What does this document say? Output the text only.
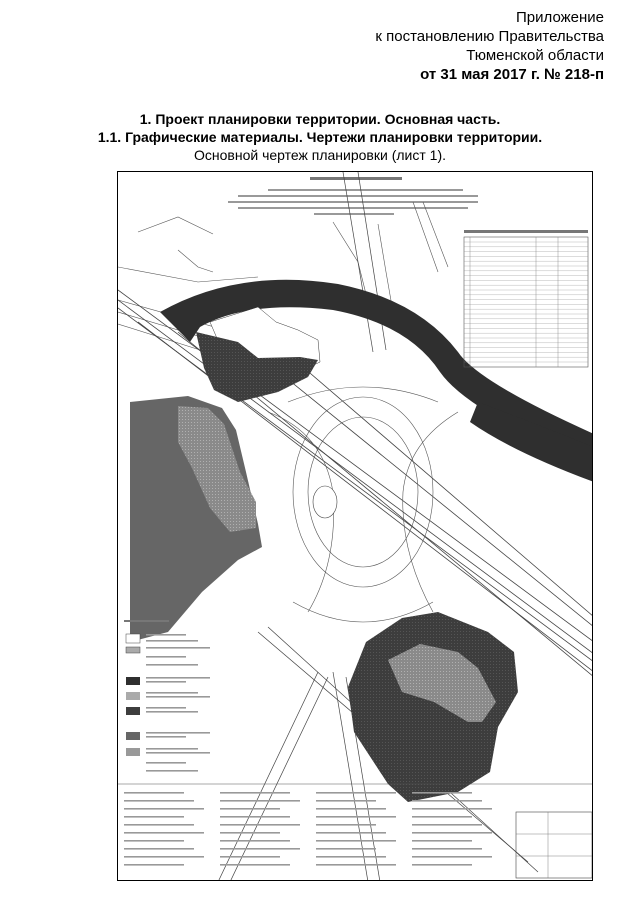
Приложение
к постановлению Правительства
Тюменской области
от 31 мая 2017 г. № 218-п
1. Проект планировки территории. Основная часть.
1.1. Графические материалы. Чертежи планировки территории.
Основной чертеж планировки (лист 1).
